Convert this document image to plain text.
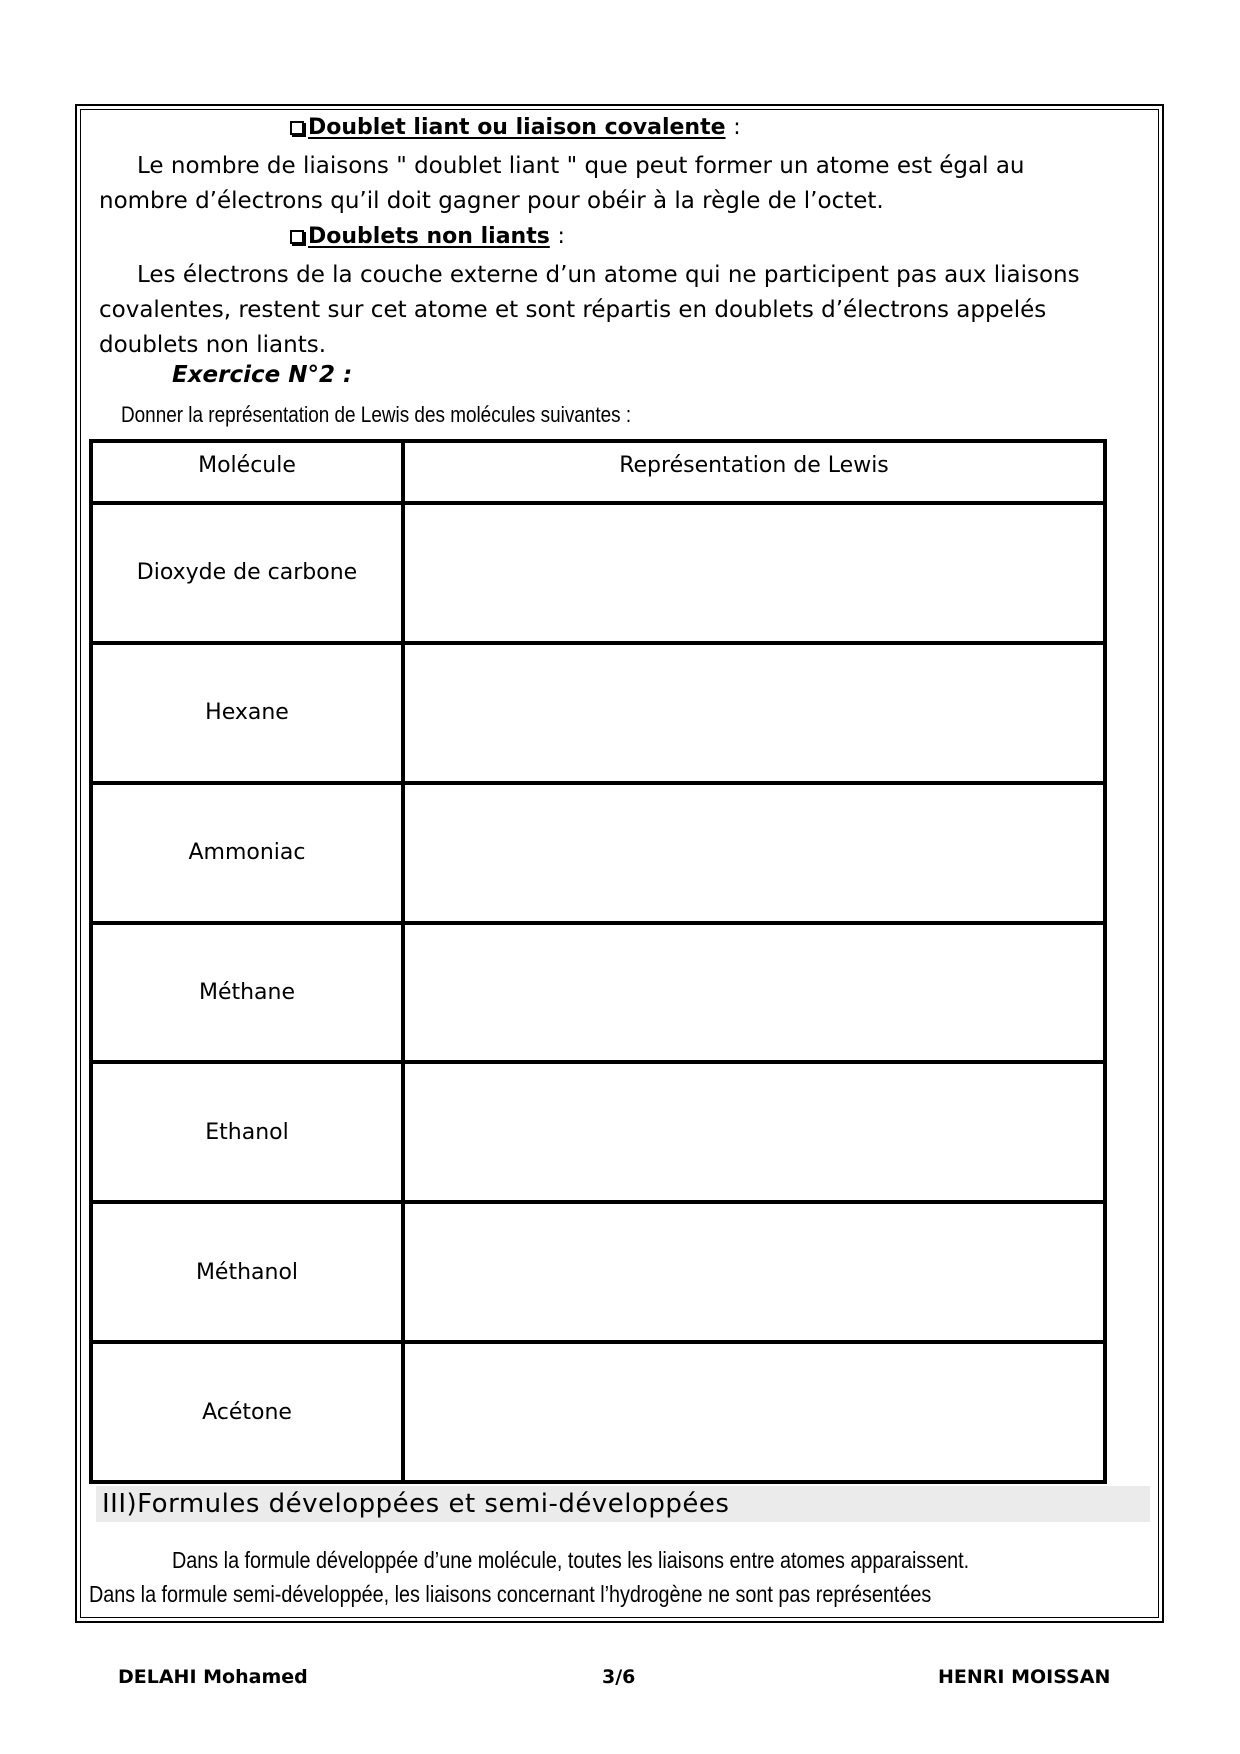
Doublet liant ou liaison covalente :
Le nombre de liaisons " doublet liant " que peut former un atome est égal au
nombre d’électrons qu’il doit gagner pour obéir à la règle de l’octet.
Doublets non liants :
Les électrons de la couche externe d’un atome qui ne participent pas aux liaisons
covalentes, restent sur cet atome et sont répartis en doublets d’électrons appelés
doublets non liants.
Exercice N°2 :
Donner la représentation de Lewis des molécules suivantes :
Molécule	Représentation de Lewis
Dioxyde de carbone	
Hexane	
Ammoniac	
Méthane	
Ethanol	
Méthanol	
Acétone	
III)Formules développées et semi-développées
Dans la formule développée d’une molécule, toutes les liaisons entre atomes apparaissent.
Dans la formule semi-développée, les liaisons concernant l’hydrogène ne sont pas représentées
DELAHI Mohamed	3/6	HENRI MOISSAN
